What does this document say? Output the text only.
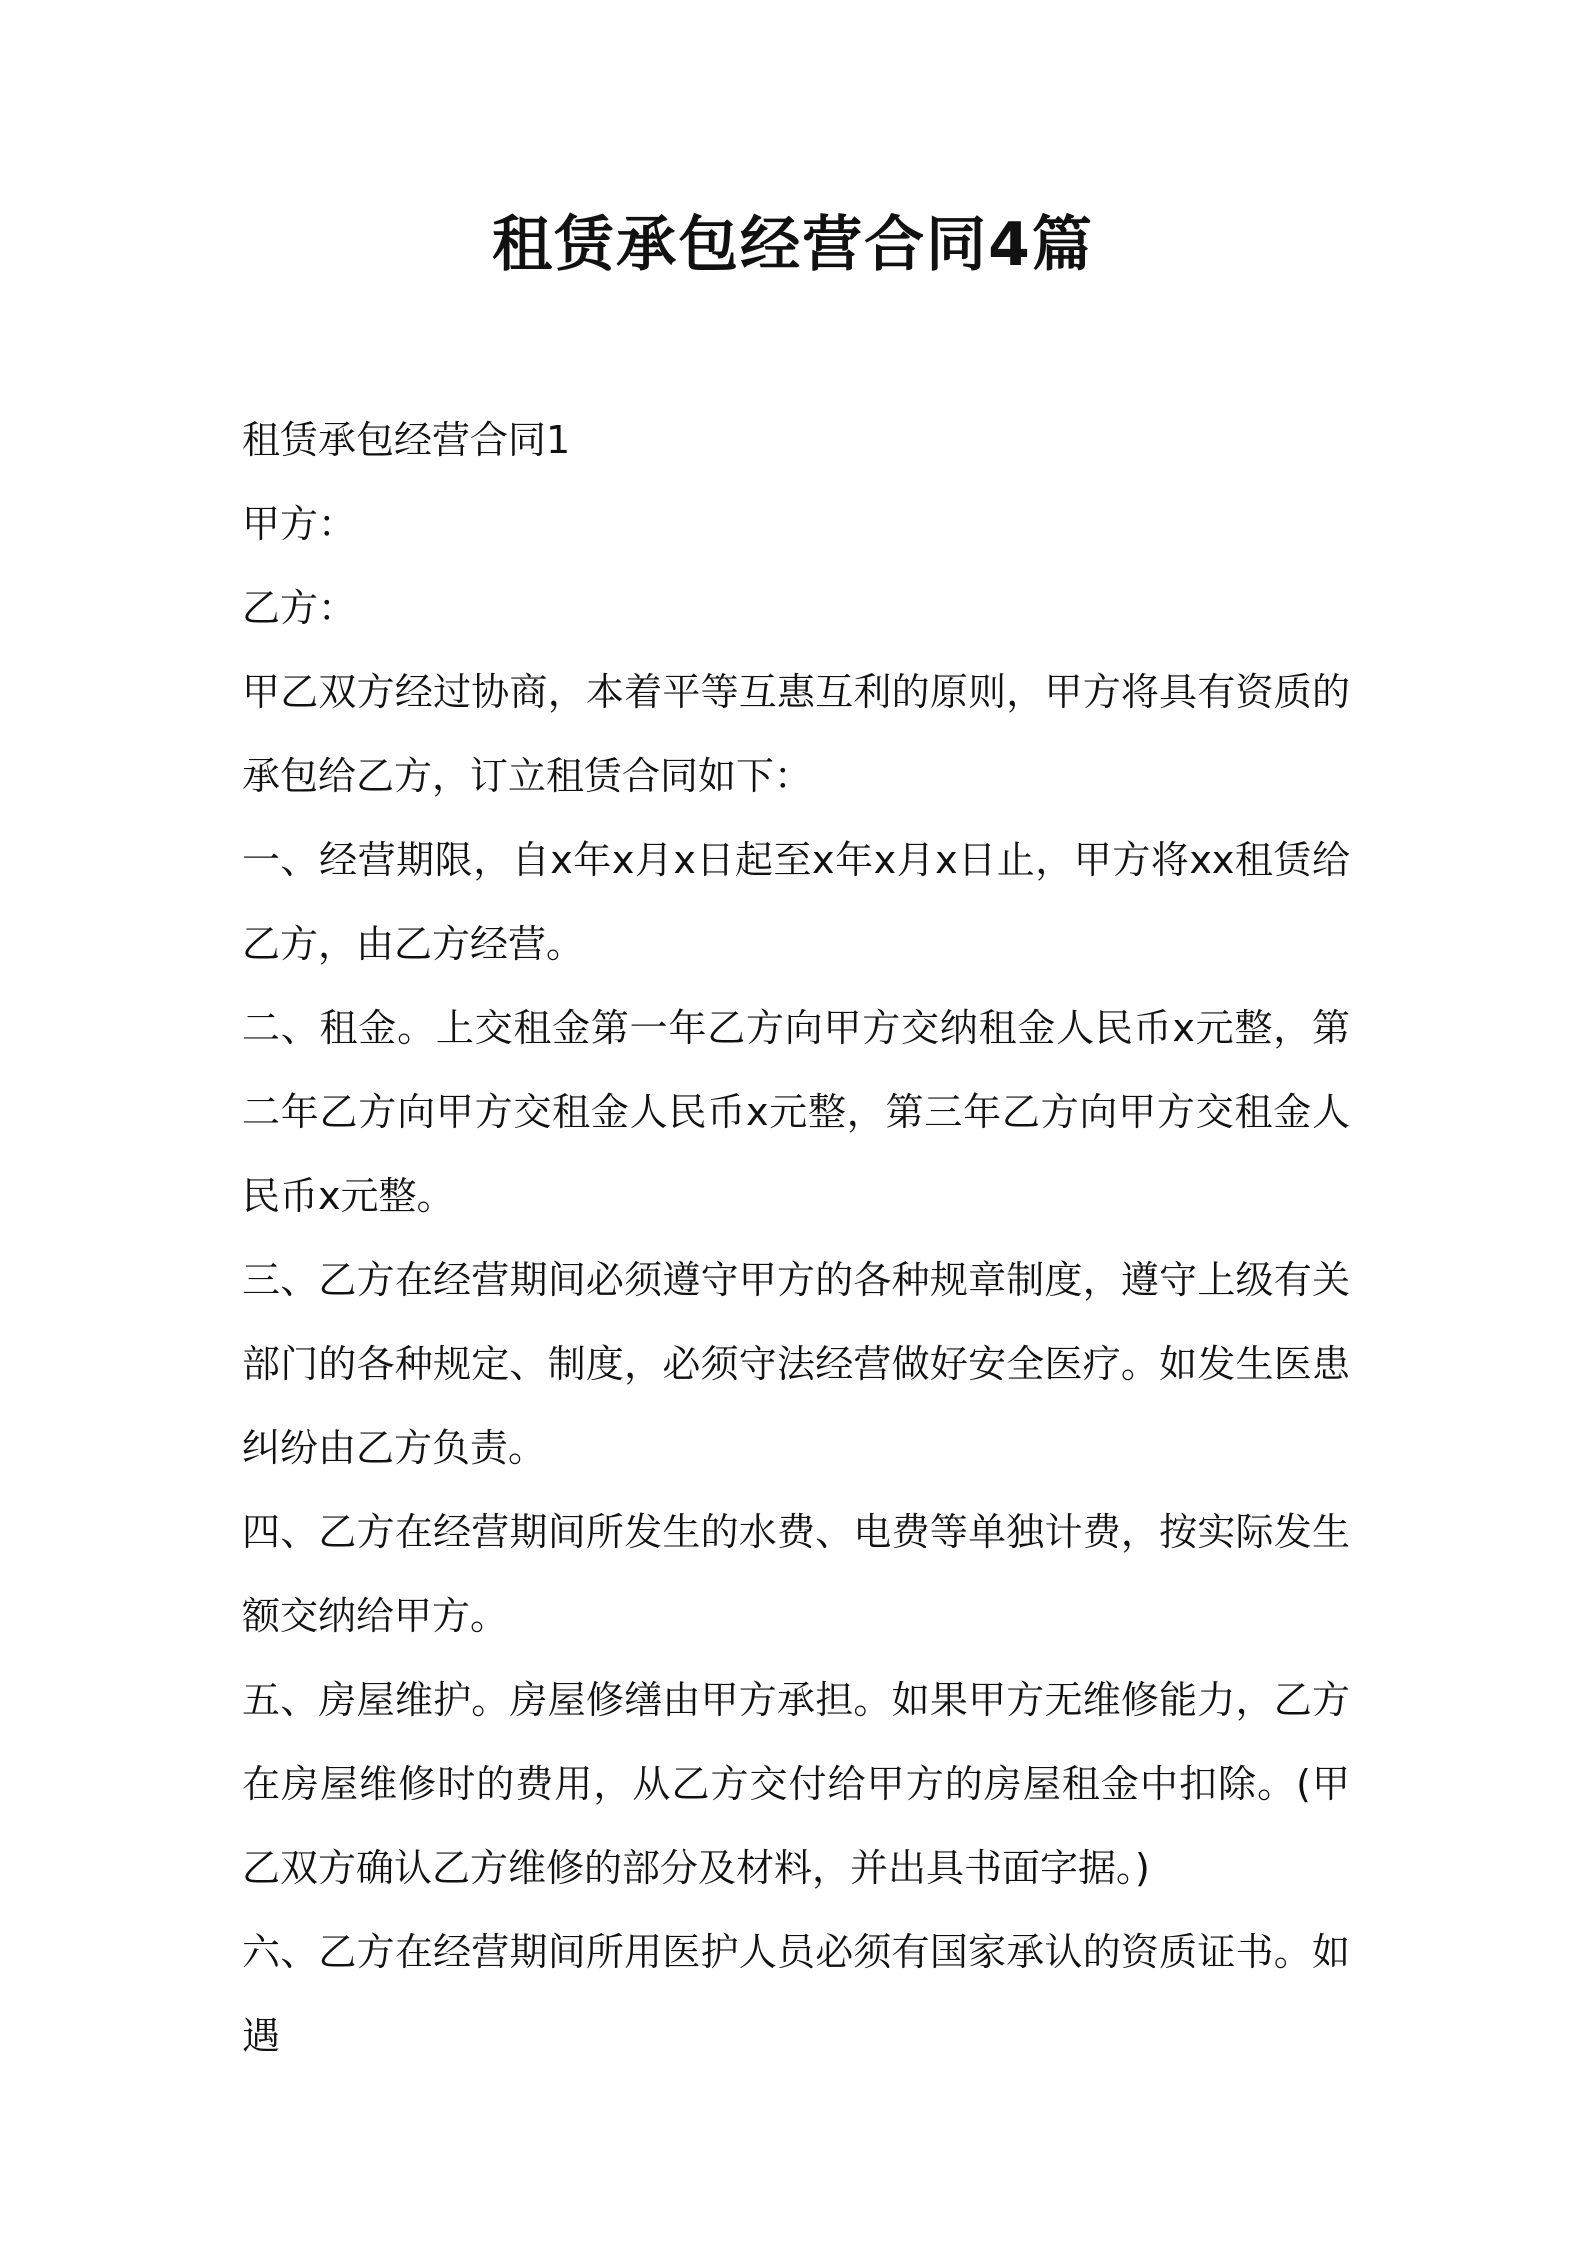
租赁承包经营合同4篇

租赁承包经营合同1

甲方：

乙方：

甲乙双方经过协商，本着平等互惠互利的原则，甲方将具有资质的承包给乙方，订立租赁合同如下：

一、经营期限，自x年x月x日起至x年x月x日止，甲方将xx租赁给乙方，由乙方经营。

二、租金。上交租金第一年乙方向甲方交纳租金人民币x元整，第二年乙方向甲方交租金人民币x元整，第三年乙方向甲方交租金人民币x元整。

三、乙方在经营期间必须遵守甲方的各种规章制度，遵守上级有关部门的各种规定、制度，必须守法经营做好安全医疗。如发生医患纠纷由乙方负责。

四、乙方在经营期间所发生的水费、电费等单独计费，按实际发生额交纳给甲方。

五、房屋维护。房屋修缮由甲方承担。如果甲方无维修能力，乙方在房屋维修时的费用，从乙方交付给甲方的房屋租金中扣除。(甲乙双方确认乙方维修的部分及材料，并出具书面字据。)

六、乙方在经营期间所用医护人员必须有国家承认的资质证书。如遇
